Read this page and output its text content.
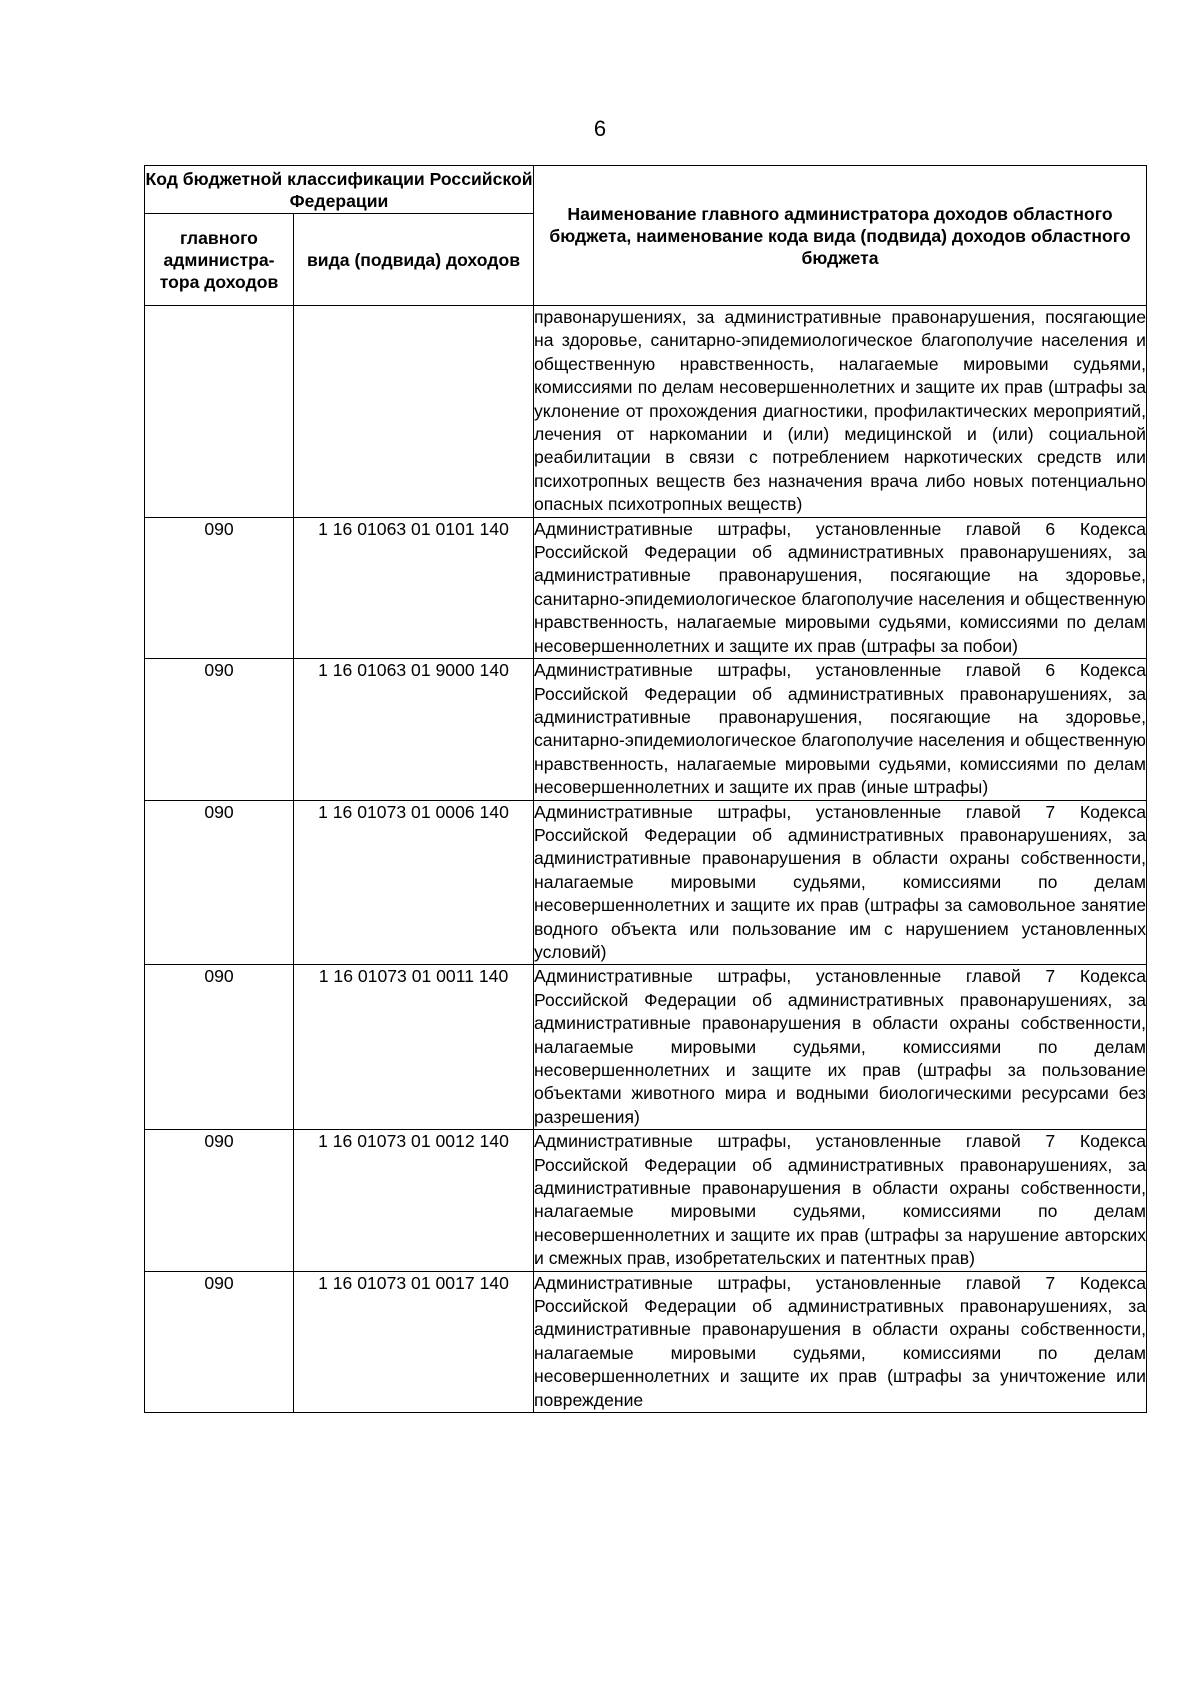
6
Код бюджетной классификации Российской Федерации		Наименование главного администратора доходов областного бюджета, наименование кода вида (подвида) доходов областного бюджета
главного администра-тора доходов	вида (подвида) доходов	
		правонарушениях, за административные правонарушения, посягающие на здоровье, санитарно-эпидемиологическое благополучие населения и общественную нравственность, налагаемые мировыми судьями, комиссиями по делам несовершеннолетних и защите их прав (штрафы за уклонение от прохождения диагностики, профилактических мероприятий, лечения от наркомании и (или) медицинской и (или) социальной реабилитации в связи с потреблением наркотических средств или психотропных веществ без назначения врача либо новых потенциально опасных психотропных веществ)
090	1 16 01063 01 0101 140	Административные штрафы, установленные главой 6 Кодекса Российской Федерации об административных правонарушениях, за административные правонарушения, посягающие на здоровье, санитарно-эпидемиологическое благополучие населения и общественную нравственность, налагаемые мировыми судьями, комиссиями по делам несовершеннолетних и защите их прав (штрафы за побои)
090	1 16 01063 01 9000 140	Административные штрафы, установленные главой 6 Кодекса Российской Федерации об административных правонарушениях, за административные правонарушения, посягающие на здоровье, санитарно-эпидемиологическое благополучие населения и общественную нравственность, налагаемые мировыми судьями, комиссиями по делам несовершеннолетних и защите их прав (иные штрафы)
090	1 16 01073 01 0006 140	Административные штрафы, установленные главой 7 Кодекса Российской Федерации об административных правонарушениях, за административные правонарушения в области охраны собственности, налагаемые мировыми судьями, комиссиями по делам несовершеннолетних и защите их прав (штрафы за самовольное занятие водного объекта или пользование им с нарушением установленных условий)
090	1 16 01073 01 0011 140	Административные штрафы, установленные главой 7 Кодекса Российской Федерации об административных правонарушениях, за административные правонарушения в области охраны собственности, налагаемые мировыми судьями, комиссиями по делам несовершеннолетних и защите их прав (штрафы за пользование объектами животного мира и водными биологическими ресурсами без разрешения)
090	1 16 01073 01 0012 140	Административные штрафы, установленные главой 7 Кодекса Российской Федерации об административных правонарушениях, за административные правонарушения в области охраны собственности, налагаемые мировыми судьями, комиссиями по делам несовершеннолетних и защите их прав (штрафы за нарушение авторских и смежных прав, изобретательских и патентных прав)
090	1 16 01073 01 0017 140	Административные штрафы, установленные главой 7 Кодекса Российской Федерации об административных правонарушениях, за административные правонарушения в области охраны собственности, налагаемые мировыми судьями, комиссиями по делам несовершеннолетних и защите их прав (штрафы за уничтожение или повреждение
